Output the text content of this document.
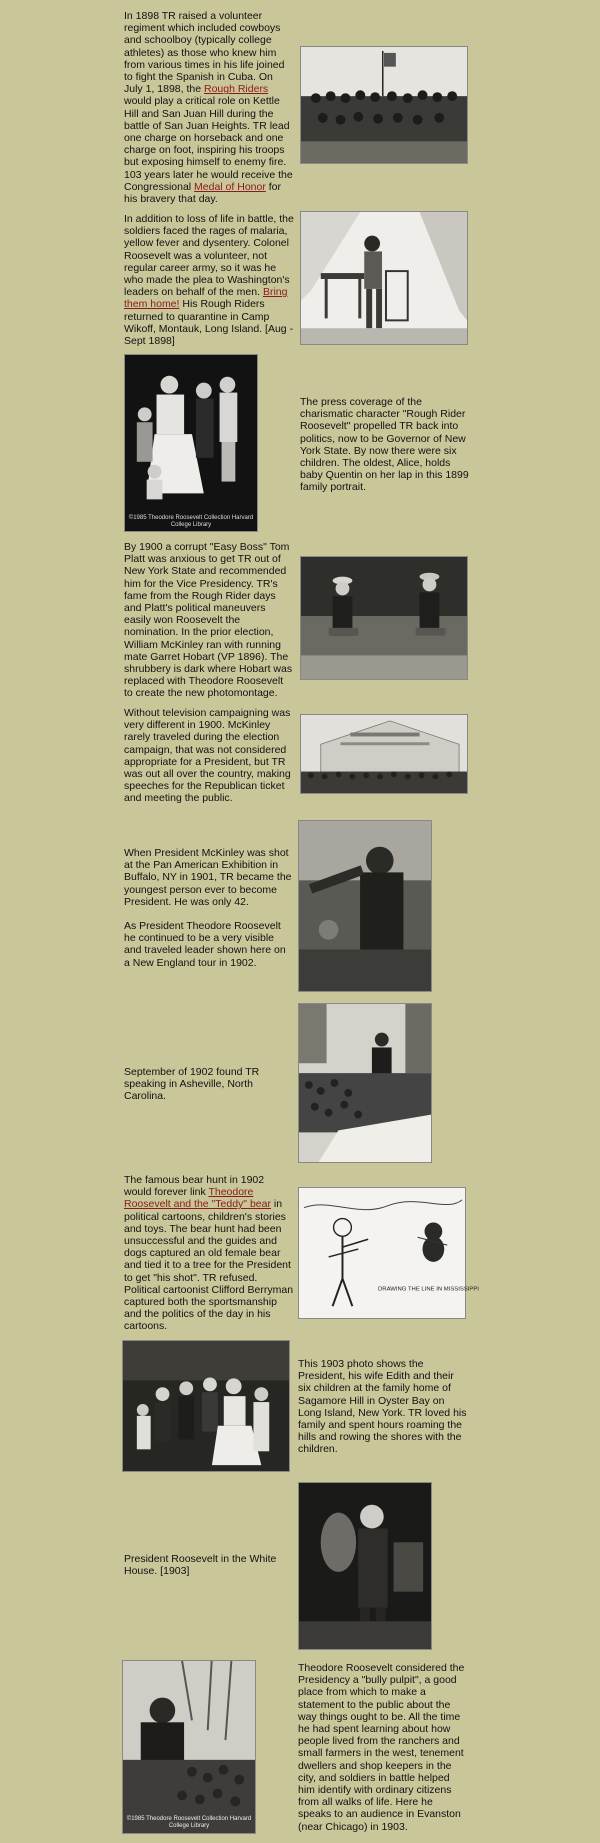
In 1898 TR raised a volunteer regiment which included cowboys and schoolboy (typically college athletes) as those who knew him from various times in his life joined to fight the Spanish in Cuba. On July 1, 1898, the Rough Riders would play a critical role on Kettle Hill and San Juan Hill during the battle of San Juan Heights. TR lead one charge on horseback and one charge on foot, inspiring his troops but exposing himself to enemy fire. 103 years later he would receive the Congressional Medal of Honor for his bravery that day.

In addition to loss of life in battle, the soldiers faced the rages of malaria, yellow fever and dysentery. Colonel Roosevelt was a volunteer, not regular career army, so it was he who made the plea to Washington's leaders on behalf of the men. Bring them home! His Rough Riders returned to quarantine in Camp Wikoff, Montauk, Long Island. [Aug - Sept 1898]

©1985 Theodore Roosevelt Collection Harvard College Library

The press coverage of the charismatic character "Rough Rider Roosevelt" propelled TR back into politics, now to be Governor of New York State. By now there were six children. The oldest, Alice, holds baby Quentin on her lap in this 1899 family portrait.

By 1900 a corrupt "Easy Boss" Tom Platt was anxious to get TR out of New York State and recommended him for the Vice Presidency. TR's fame from the Rough Rider days and Platt's political maneuvers easily won Roosevelt the nomination. In the prior election, William McKinley ran with running mate Garret Hobart (VP 1896). The shrubbery is dark where Hobart was replaced with Theodore Roosevelt to create the new photomontage.

Without television campaigning was very different in 1900. McKinley rarely traveled during the election campaign, that was not considered appropriate for a President, but TR was out all over the country, making speeches for the Republican ticket and meeting the public.

When President McKinley was shot at the Pan American Exhibition in Buffalo, NY in 1901, TR became the youngest person ever to become President. He was only 42.

As President Theodore Roosevelt he continued to be a very visible and traveled leader shown here on a New England tour in 1902.

September of 1902 found TR speaking in Asheville, North Carolina.

The famous bear hunt in 1902 would forever link Theodore Roosevelt and the "Teddy" bear in political cartoons, children's stories and toys. The bear hunt had been unsuccessful and the guides and dogs captured an old female bear and tied it to a tree for the President to get "his shot". TR refused. Political cartoonist Clifford Berryman captured both the sportsmanship and the politics of the day in his cartoons.

DRAWING THE LINE IN MISSISSIPPI

This 1903 photo shows the President, his wife Edith and their six children at the family home of Sagamore Hill in Oyster Bay on Long Island, New York. TR loved his family and spent hours roaming the hills and rowing the shores with the children.

President Roosevelt in the White House. [1903]

©1985 Theodore Roosevelt Collection Harvard College Library

Theodore Roosevelt considered the Presidency a "bully pulpit", a good place from which to make a statement to the public about the way things ought to be. All the time he had spent learning about how people lived from the ranchers and small farmers in the west, tenement dwellers and shop keepers in the city, and soldiers in battle helped him identify with ordinary citizens from all walks of life. Here he speaks to an audience in Evanston (near Chicago) in 1903.
